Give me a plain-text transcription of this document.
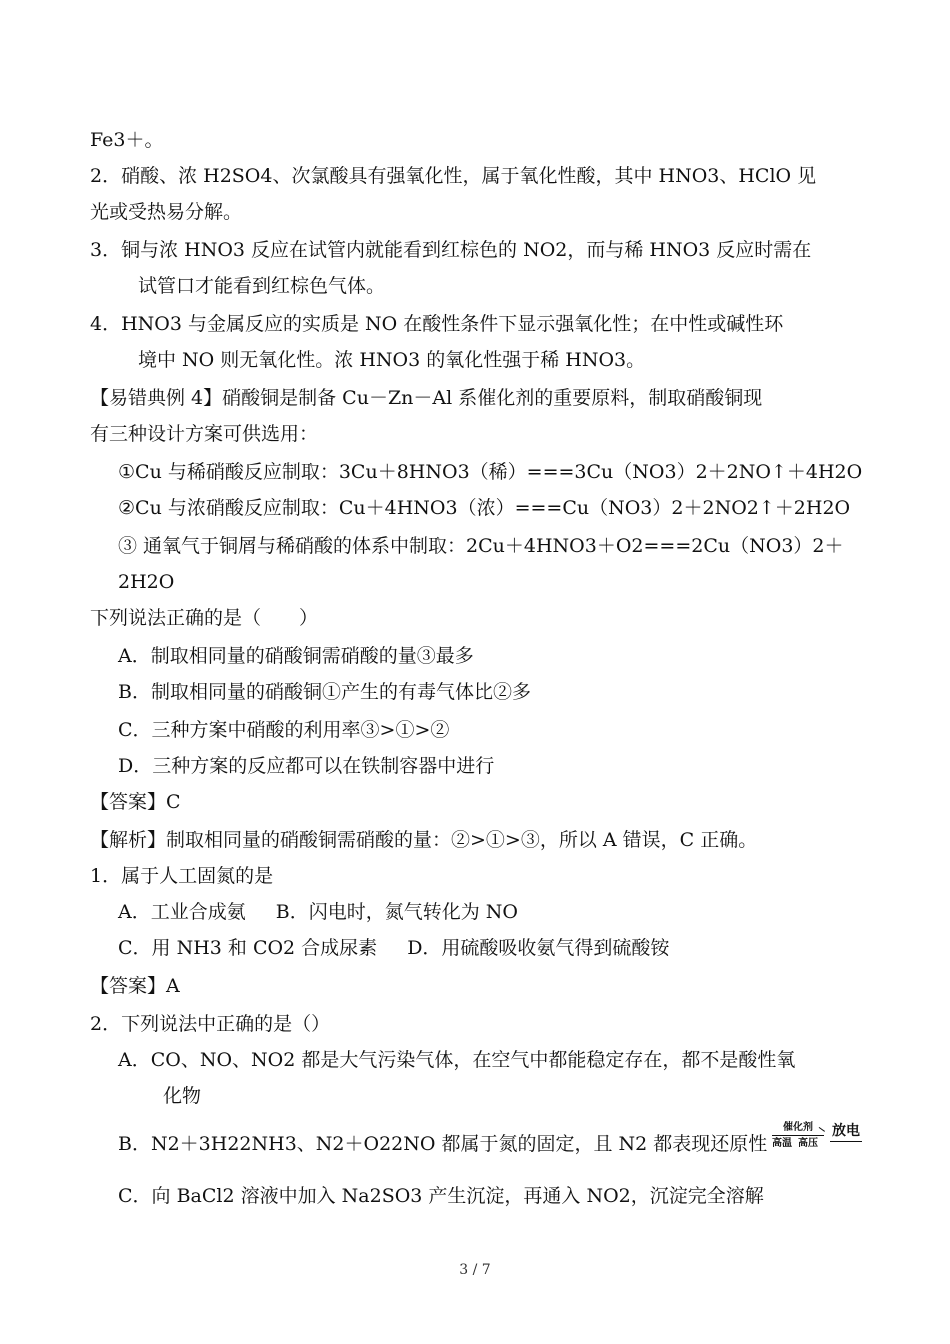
Fe3＋。
2．硝酸、浓 H2SO4、次氯酸具有强氧化性，属于氧化性酸，其中 HNO3、HClO 见
光或受热易分解。
3．铜与浓 HNO3 反应在试管内就能看到红棕色的 NO2，而与稀 HNO3 反应时需在
试管口才能看到红棕色气体。
4．HNO3 与金属反应的实质是 NO 在酸性条件下显示强氧化性；在中性或碱性环
境中 NO 则无氧化性。浓 HNO3 的氧化性强于稀 HNO3。
【易错典例 4】硝酸铜是制备 Cu－Zn－Al 系催化剂的重要原料，制取硝酸铜现
有三种设计方案可供选用：
①Cu 与稀硝酸反应制取：3Cu＋8HNO3（稀）===3Cu（NO3）2＋2NO↑＋4H2O
②Cu 与浓硝酸反应制取：Cu＋4HNO3（浓）===Cu（NO3）2＋2NO2↑＋2H2O
③ 通氧气于铜屑与稀硝酸的体系中制取：2Cu＋4HNO3＋O2===2Cu（NO3）2＋
2H2O
下列说法正确的是（　　）
A．制取相同量的硝酸铜需硝酸的量③最多
B．制取相同量的硝酸铜①产生的有毒气体比②多
C．三种方案中硝酸的利用率③>①>②
D．三种方案的反应都可以在铁制容器中进行
【答案】C
【解析】制取相同量的硝酸铜需硝酸的量：②>①>③，所以 A 错误，C 正确。
1．属于人工固氮的是
A．工业合成氨 B．闪电时，氮气转化为 NO
C．用 NH3 和 CO2 合成尿素 D．用硫酸吸收氨气得到硫酸铵
【答案】A
2．下列说法中正确的是（）
A．CO、NO、NO2 都是大气污染气体，在空气中都能稳定存在，都不是酸性氧
化物
B．N2＋3H22NH3、N2＋O22NO 都属于氮的固定，且 N2 都表现还原性
催化剂
高温 高压
放电
C．向 BaCl2 溶液中加入 Na2SO3 产生沉淀，再通入 NO2，沉淀完全溶解
3 / 7
